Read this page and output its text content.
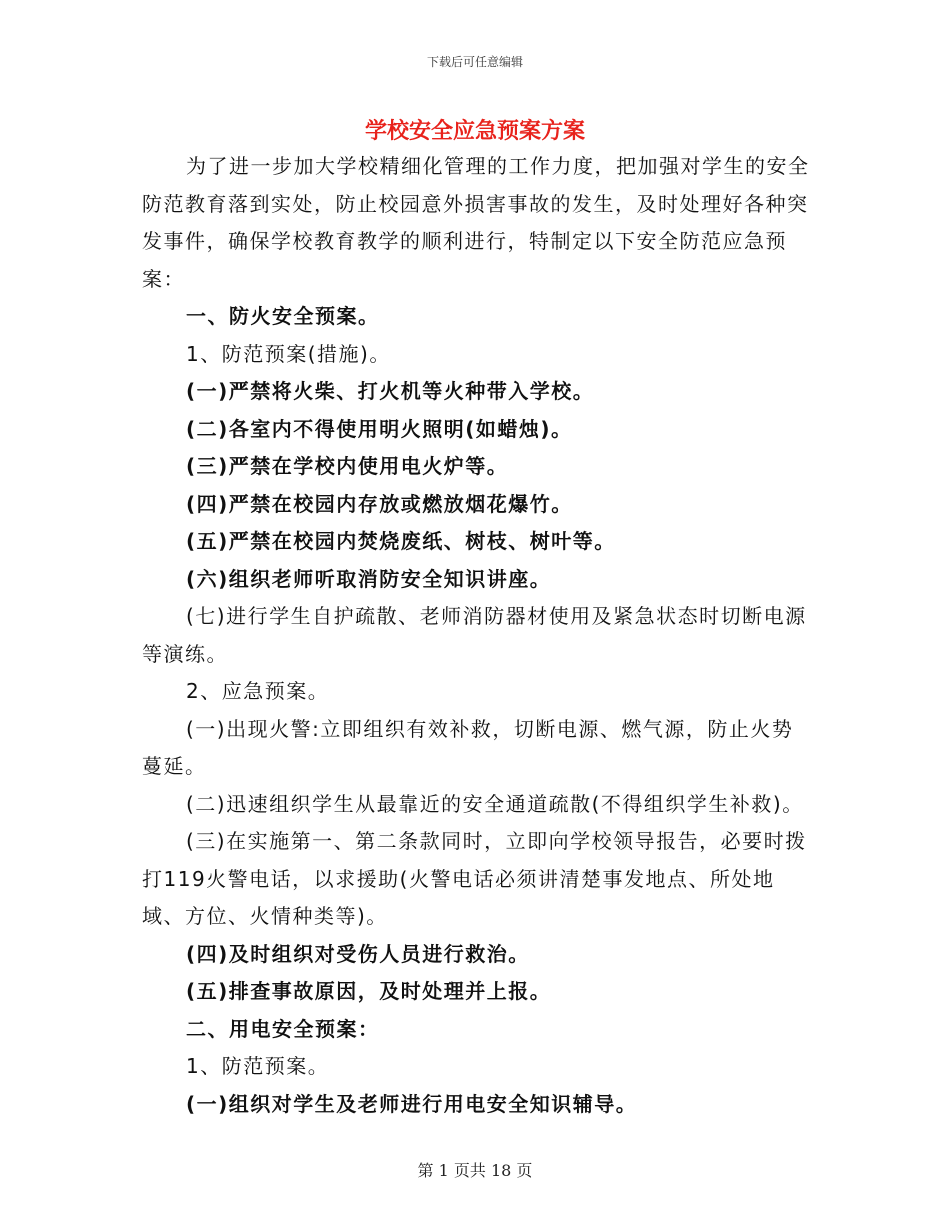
下载后可任意编辑
学校安全应急预案方案

为了进一步加大学校精细化管理的工作力度，把加强对学生的安全防范教育落到实处，防止校园意外损害事故的发生，及时处理好各种突发事件，确保学校教育教学的顺利进行，特制定以下安全防范应急预案：

一、防火安全预案。

1、防范预案(措施)。

(一)严禁将火柴、打火机等火种带入学校。

(二)各室内不得使用明火照明(如蜡烛)。

(三)严禁在学校内使用电火炉等。

(四)严禁在校园内存放或燃放烟花爆竹。

(五)严禁在校园内焚烧废纸、树枝、树叶等。

(六)组织老师听取消防安全知识讲座。

(七)进行学生自护疏散、老师消防器材使用及紧急状态时切断电源等演练。

2、应急预案。

(一)出现火警:立即组织有效补救，切断电源、燃气源，防止火势蔓延。

(二)迅速组织学生从最靠近的安全通道疏散(不得组织学生补救)。

(三)在实施第一、第二条款同时，立即向学校领导报告，必要时拨打119火警电话，以求援助(火警电话必须讲清楚事发地点、所处地域、方位、火情种类等)。

(四)及时组织对受伤人员进行救治。

(五)排查事故原因，及时处理并上报。

二、用电安全预案：

1、防范预案。

(一)组织对学生及老师进行用电安全知识辅导。

第 1 页共 18 页
